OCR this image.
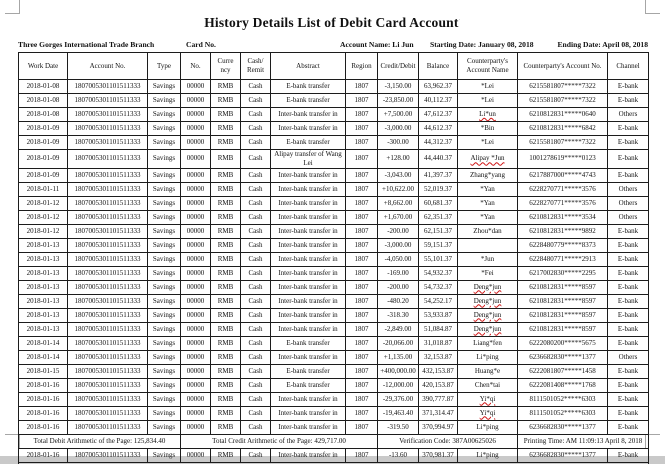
History Details List of Debit Card Account·
Three Gorges International Trade Branch	Card No.	Account Name: Li Jun Starting Date: January 08, 2018	Ending Date: April 08, 2018
Work Date	Account No.	Type	No.	Curre ncy	Cash/ Remit	Abstract	Region	Credit/Debit	Balance	Counterparty's Account Name	Counterparty's Account No.	Channel
2018-01-08	1807005301101511333	Savings	00000	RMB	Cash	E-bank transfer	1807	-3,150.00	63,962.37	*Lei	6215581807*****7322	E-bank
2018-01-08	1807005301101511333	Savings	00000	RMB	Cash	E-bank transfer	1807	-23,850.00	40,112.37	*Lei	6215581807*****7322	E-bank
2018-01-08	1807005301101511333	Savings	00000	RMB	Cash	Inter-bank transfer in	1807	+7,500.00	47,612.37	Li*un	6210812831*****0640	Others
2018-01-09	1807005301101511333	Savings	00000	RMB	Cash	Inter-bank transfer in	1807	-3,000.00	44,612.37	*Bin	6210812831*****6842	E-bank
2018-01-09	1807005301101511333	Savings	00000	RMB	Cash	E-bank transfer	1807	-300.00	44,312.37	*Lei	6215581807*****7322	E-bank
2018-01-09	1807005301101511333	Savings	00000	RMB	Cash	Alipay transfer of Wang Lei	1807	+128.00	44,440.37	Alipay *Jun	1001278619*****0123	E-bank
2018-01-09	1807005301101511333	Savings	00000	RMB	Cash	Inter-bank transfer in	1807	-3,043.00	41,397.37	Zhang*yang	6217887000*****4743	E-bank
2018-01-11	1807005301101511333	Savings	00000	RMB	Cash	Inter-bank transfer in	1807	+10,622.00	52,019.37	*Yan	6228270771*****3576	Others
2018-01-12	1807005301101511333	Savings	00000	RMB	Cash	Inter-bank transfer in	1807	+8,662.00	60,681.37	*Yan	6228270771*****3576	Others
2018-01-12	1807005301101511333	Savings	00000	RMB	Cash	Inter-bank transfer in	1807	+1,670.00	62,351.37	*Yan	6210812831*****3534	Others
2018-01-12	1807005301101511333	Savings	00000	RMB	Cash	Inter-bank transfer in	1807	-200.00	62,151.37	Zhou*dan	6210812831*****9892	E-bank
2018-01-13	1807005301101511333	Savings	00000	RMB	Cash	Inter-bank transfer in	1807	-3,000.00	59,151.37		6228480779*****8373	E-bank
2018-01-13	1807005301101511333	Savings	00000	RMB	Cash	Inter-bank transfer in	1807	-4,050.00	55,101.37	*Jun	6228480771*****2913	E-bank
2018-01-13	1807005301101511333	Savings	00000	RMB	Cash	Inter-bank transfer in	1807	-169.00	54,932.37	*Fei	6217002830*****2295	E-bank
2018-01-13	1807005301101511333	Savings	00000	RMB	Cash	Inter-bank transfer in	1807	-200.00	54,732.37	Deng*jun	6210812831*****8597	E-bank
2018-01-13	1807005301101511333	Savings	00000	RMB	Cash	Inter-bank transfer in	1807	-480.20	54,252.17	Deng*jun	6210812831*****8597	E-bank
2018-01-13	1807005301101511333	Savings	00000	RMB	Cash	Inter-bank transfer in	1807	-318.30	53,933.87	Deng*jun	6210812831*****8597	E-bank
2018-01-13	1807005301101511333	Savings	00000	RMB	Cash	Inter-bank transfer in	1807	-2,849.00	51,084.87	Deng*jun	6210812831*****8597	E-bank
2018-01-14	1807005301101511333	Savings	00000	RMB	Cash	E-bank transfer	1807	-20,066.00	31,018.87	Liang*fen	6222080200*****5675	E-bank
2018-01-14	1807005301101511333	Savings	00000	RMB	Cash	Inter-bank transfer in	1807	+1,135.00	32,153.87	Li*ping	6236682830*****1377	Others
2018-01-15	1807005301101511333	Savings	00000	RMB	Cash	E-bank transfer	1807	+400,000.00	432,153.87	Huang*e	6222081807*****1458	E-bank
2018-01-16	1807005301101511333	Savings	00000	RMB	Cash	E-bank transfer	1807	-12,000.00	420,153.87	Chen*tai	6222081408*****1768	E-bank
2018-01-16	1807005301101511333	Savings	00000	RMB	Cash	Inter-bank transfer in	1807	-29,376.00	390,777.87	Yi*qi	8111501052*****6303	E-bank
2018-01-16	1807005301101511333	Savings	00000	RMB	Cash	Inter-bank transfer in	1807	-19,463.40	371,314.47	Yi*qi	8111501052*****6303	E-bank
2018-01-16	1807005301101511333	Savings	00000	RMB	Cash	Inter-bank transfer in	1807	-319.50	370,994.97	Li*ping	6236682830*****1377	E-bank
Total Debit Arithmetic of the Page: 125,834.40			Total Credit Arithmetic of the Page: 429,717.00					Verification Code: 387A00625026			Printing Time: AM 11:09:13 April 8, 2018	
2018-01-16	1807005301101511333	Savings	00000	RMB	Cash	Inter-bank transfer in	1807	-13.60	370,981.37	Li*ping	6236682830*****1377	E-bank
